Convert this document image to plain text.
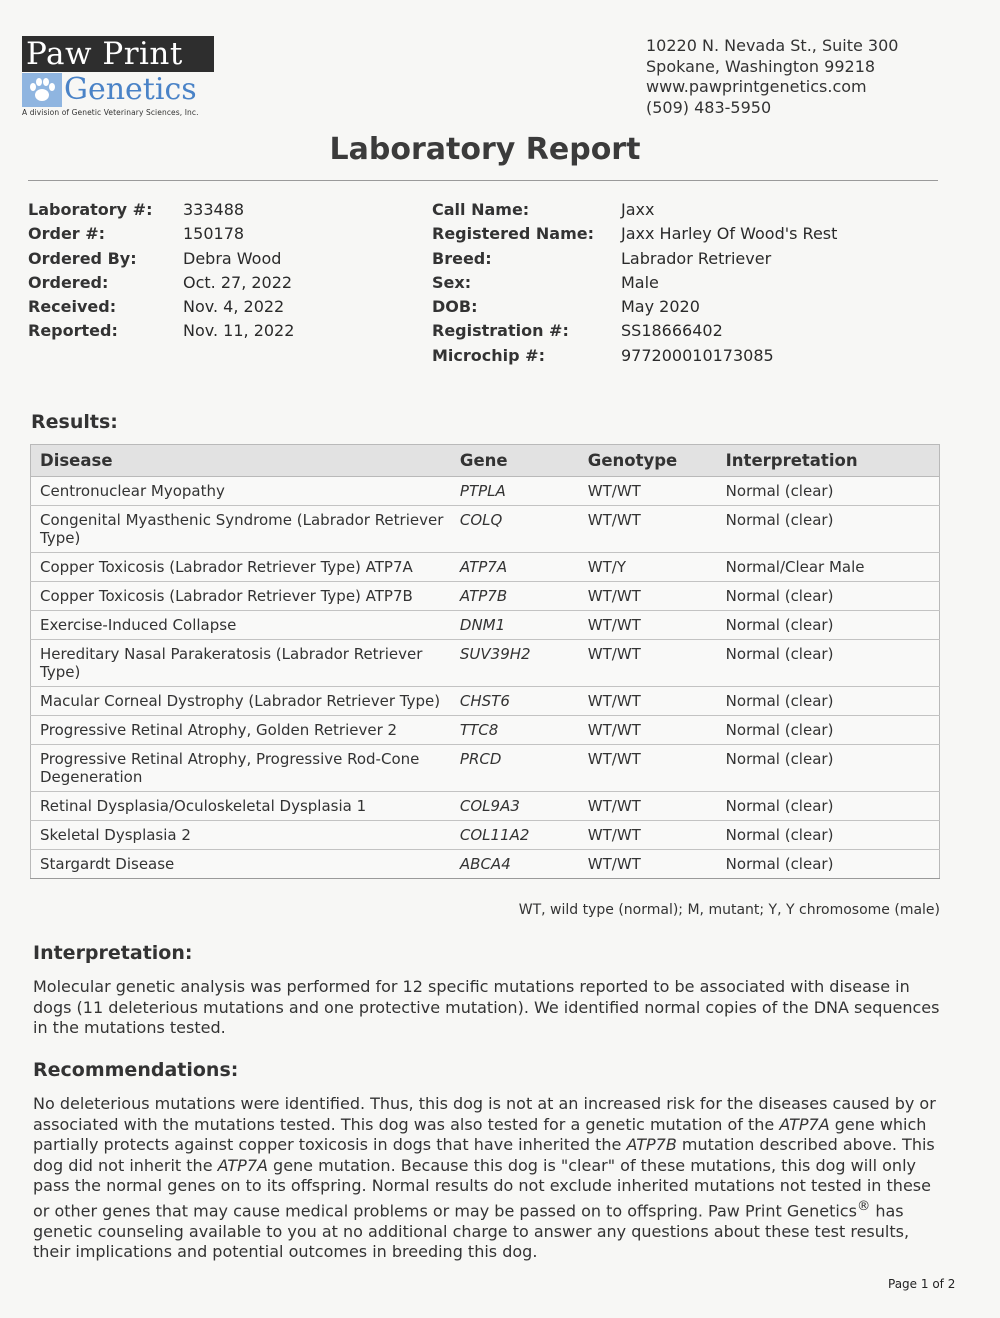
Paw Print
Genetics
A division of Genetic Veterinary Sciences, Inc.
10220 N. Nevada St., Suite 300
Spokane, Washington 99218
www.pawprintgenetics.com
(509) 483-5950
Laboratory Report
Laboratory #:	333488
Order #:	150178
Ordered By:	Debra Wood
Ordered:	Oct. 27, 2022
Received:	Nov. 4, 2022
Reported:	Nov. 11, 2022
Call Name:	Jaxx
Registered Name:	Jaxx Harley Of Wood's Rest
Breed:	Labrador Retriever
Sex:	Male
DOB:	May 2020
Registration #:	SS18666402
Microchip #:	977200010173085
Results:
Disease	Gene	Genotype	Interpretation
Centronuclear Myopathy	PTPLA	WT/WT	Normal (clear)
Congenital Myasthenic Syndrome (Labrador Retriever Type)	COLQ	WT/WT	Normal (clear)
Copper Toxicosis (Labrador Retriever Type) ATP7A	ATP7A	WT/Y	Normal/Clear Male
Copper Toxicosis (Labrador Retriever Type) ATP7B	ATP7B	WT/WT	Normal (clear)
Exercise-Induced Collapse	DNM1	WT/WT	Normal (clear)
Hereditary Nasal Parakeratosis (Labrador Retriever Type)	SUV39H2	WT/WT	Normal (clear)
Macular Corneal Dystrophy (Labrador Retriever Type)	CHST6	WT/WT	Normal (clear)
Progressive Retinal Atrophy, Golden Retriever 2	TTC8	WT/WT	Normal (clear)
Progressive Retinal Atrophy, Progressive Rod-Cone Degeneration	PRCD	WT/WT	Normal (clear)
Retinal Dysplasia/Oculoskeletal Dysplasia 1	COL9A3	WT/WT	Normal (clear)
Skeletal Dysplasia 2	COL11A2	WT/WT	Normal (clear)
Stargardt Disease	ABCA4	WT/WT	Normal (clear)
WT, wild type (normal); M, mutant; Y, Y chromosome (male)
Interpretation:
Molecular genetic analysis was performed for 12 specific mutations reported to be associated with disease in dogs (11 deleterious mutations and one protective mutation). We identified normal copies of the DNA sequences in the mutations tested.
Recommendations:
No deleterious mutations were identified. Thus, this dog is not at an increased risk for the diseases caused by or associated with the mutations tested. This dog was also tested for a genetic mutation of the ATP7A gene which partially protects against copper toxicosis in dogs that have inherited the ATP7B mutation described above. This dog did not inherit the ATP7A gene mutation. Because this dog is "clear" of these mutations, this dog will only pass the normal genes on to its offspring. Normal results do not exclude inherited mutations not tested in these or other genes that may cause medical problems or may be passed on to offspring. Paw Print Genetics® has genetic counseling available to you at no additional charge to answer any questions about these test results, their implications and potential outcomes in breeding this dog.
Page 1 of 2
